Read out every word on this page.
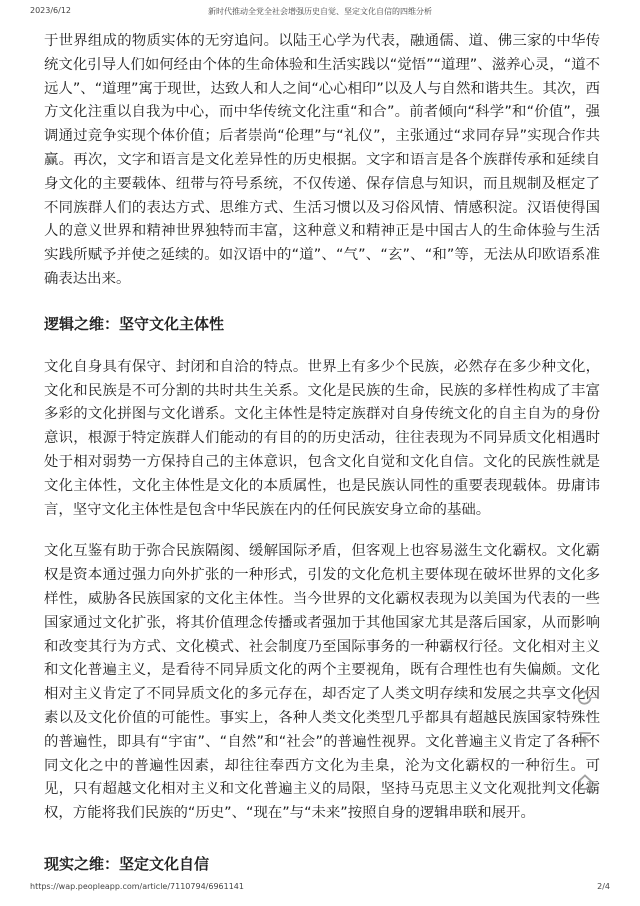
2023/6/12	新时代推动全党全社会增强历史自觉、坚定文化自信的四维分析

于世界组成的物质实体的无穷追问。以陆王心学为代表，融通儒、道、佛三家的中华传统文化引导人们如何经由个体的生命体验和生活实践以“觉悟”“道理”、滋养心灵，“道不远人”、“道理”寓于现世，达致人和人之间“心心相印”以及人与自然和谐共生。其次，西方文化注重以自我为中心，而中华传统文化注重“和合”。前者倾向“科学”和“价值”，强调通过竞争实现个体价值；后者崇尚“伦理”与“礼仪”，主张通过“求同存异”实现合作共赢。再次，文字和语言是文化差异性的历史根据。文字和语言是各个族群传承和延续自身文化的主要载体、纽带与符号系统，不仅传递、保存信息与知识，而且规制及框定了不同族群人们的表达方式、思维方式、生活习惯以及习俗风情、情感积淀。汉语使得国人的意义世界和精神世界独特而丰富，这种意义和精神正是中国古人的生命体验与生活实践所赋予并使之延续的。如汉语中的“道”、“气”、“玄”、“和”等，无法从印欧语系准确表达出来。

逻辑之维：坚守文化主体性

文化自身具有保守、封闭和自洽的特点。世界上有多少个民族，必然存在多少种文化，文化和民族是不可分割的共时共生关系。文化是民族的生命，民族的多样性构成了丰富多彩的文化拼图与文化谱系。文化主体性是特定族群对自身传统文化的自主自为的身份意识，根源于特定族群人们能动的有目的的历史活动，往往表现为不同异质文化相遇时处于相对弱势一方保持自己的主体意识，包含文化自觉和文化自信。文化的民族性就是文化主体性，文化主体性是文化的本质属性，也是民族认同性的重要表现载体。毋庸讳言，坚守文化主体性是包含中华民族在内的任何民族安身立命的基础。

文化互鉴有助于弥合民族隔阂、缓解国际矛盾，但客观上也容易滋生文化霸权。文化霸权是资本通过强力向外扩张的一种形式，引发的文化危机主要体现在破坏世界的文化多样性，威胁各民族国家的文化主体性。当今世界的文化霸权表现为以美国为代表的一些国家通过文化扩张，将其价值理念传播或者强加于其他国家尤其是落后国家，从而影响和改变其行为方式、文化模式、社会制度乃至国际事务的一种霸权行径。文化相对主义和文化普遍主义，是看待不同异质文化的两个主要视角，既有合理性也有失偏颇。文化相对主义肯定了不同异质文化的多元存在，却否定了人类文明存续和发展之共享文化因素以及文化价值的可能性。事实上，各种人类文化类型几乎都具有超越民族国家特殊性的普遍性，即具有“宇宙”、“自然”和“社会”的普遍性视界。文化普遍主义肯定了各种不同文化之中的普遍性因素，却往往奉西方文化为圭臬，沦为文化霸权的一种衍生。可见，只有超越文化相对主义和文化普遍主义的局限，坚持马克思主义文化观批判文化霸权，方能将我们民族的“历史”、“现在”与“未来”按照自身的逻辑串联和展开。

现实之维：坚定文化自信
https://wap.peopleapp.com/article/7110794/6961141	2/4
